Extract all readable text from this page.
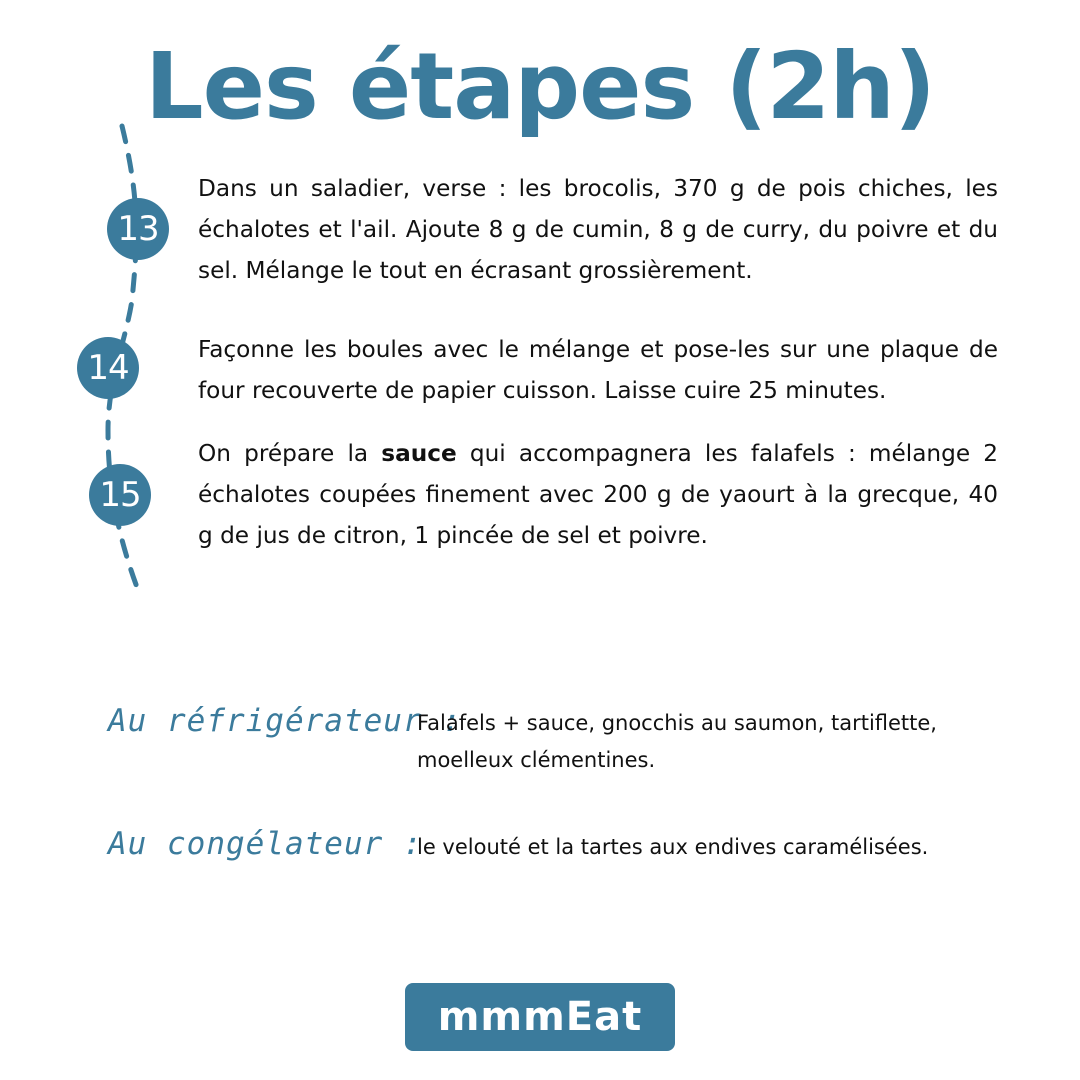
Les étapes (2h)
13
14
15
Dans un saladier, verse : les brocolis, 370 g de pois chiches, les échalotes et l'ail. Ajoute 8 g de cumin, 8 g de curry, du poivre et du sel. Mélange le tout en écrasant grossièrement.
Façonne les boules avec le mélange et pose-les sur une plaque de four recouverte de papier cuisson. Laisse cuire 25 minutes.
On prépare la sauce qui accompagnera les falafels : mélange 2 échalotes coupées finement avec 200 g de yaourt à la grecque, 40 g de jus de citron, 1 pincée de sel et poivre.
Au réfrigérateur :
Falafels + sauce, gnocchis au saumon, tartiflette, moelleux clémentines.
Au congélateur :
le velouté et la tartes aux endives caramélisées.
mmmEat
